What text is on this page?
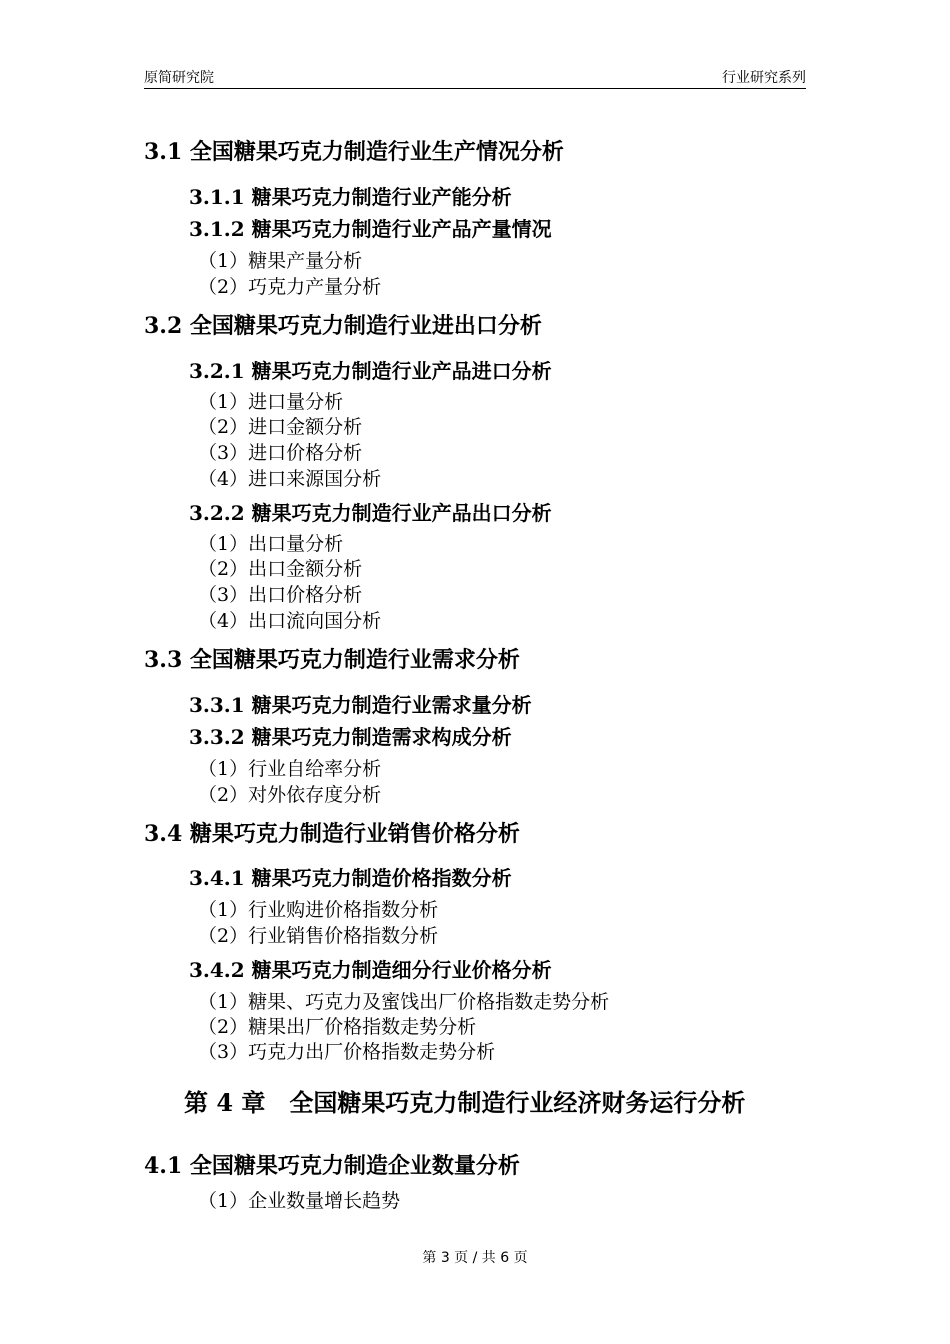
原简研究院	行业研究系列
3.1 全国糖果巧克力制造行业生产情况分析
3.1.1 糖果巧克力制造行业产能分析
3.1.2 糖果巧克力制造行业产品产量情况
（1）糖果产量分析
（2）巧克力产量分析
3.2 全国糖果巧克力制造行业进出口分析
3.2.1 糖果巧克力制造行业产品进口分析
（1）进口量分析
（2）进口金额分析
（3）进口价格分析
（4）进口来源国分析
3.2.2 糖果巧克力制造行业产品出口分析
（1）出口量分析
（2）出口金额分析
（3）出口价格分析
（4）出口流向国分析
3.3 全国糖果巧克力制造行业需求分析
3.3.1 糖果巧克力制造行业需求量分析
3.3.2 糖果巧克力制造需求构成分析
（1）行业自给率分析
（2）对外依存度分析
3.4 糖果巧克力制造行业销售价格分析
3.4.1 糖果巧克力制造价格指数分析
（1）行业购进价格指数分析
（2）行业销售价格指数分析
3.4.2 糖果巧克力制造细分行业价格分析
（1）糖果、巧克力及蜜饯出厂价格指数走势分析
（2）糖果出厂价格指数走势分析
（3）巧克力出厂价格指数走势分析
第 4 章　全国糖果巧克力制造行业经济财务运行分析
4.1 全国糖果巧克力制造企业数量分析
（1）企业数量增长趋势
第 3 页 / 共 6 页
